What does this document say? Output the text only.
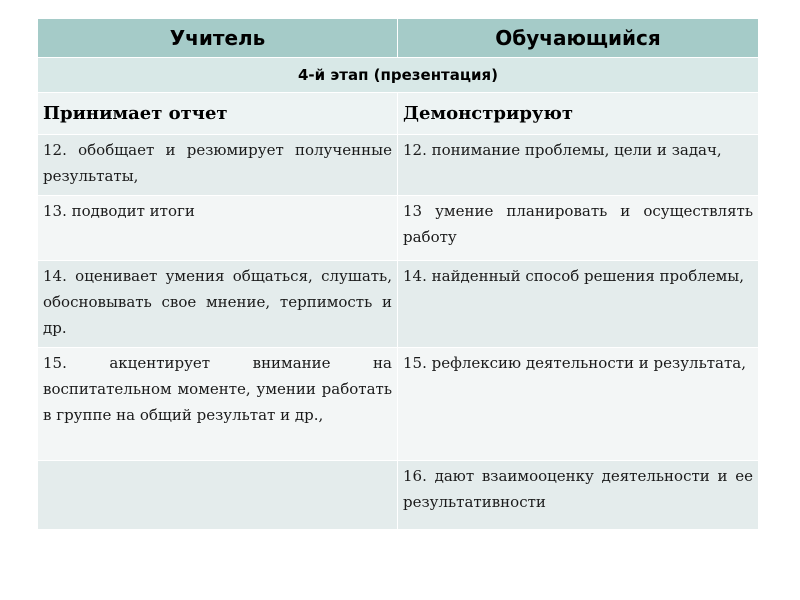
Учитель	Обучающийся
4-й этап (презентация)	
Принимает отчет	Демонстрируют

12. обобщает и резюмирует полученные результаты,	12. понимание проблемы, цели и задач,

13. подводит итоги	13 умение планировать и осуществлять работу

14. оценивает умения общаться, слушать, обосновывать свое мнение, терпимость и др.	14. найденный способ решения проблемы,

15. акцентирует внимание на воспитательном моменте, умении работать в группе на общий результат и др.,	15. рефлексию деятельности и результата,

	16. дают взаимооценку деятельности и ее результативности
